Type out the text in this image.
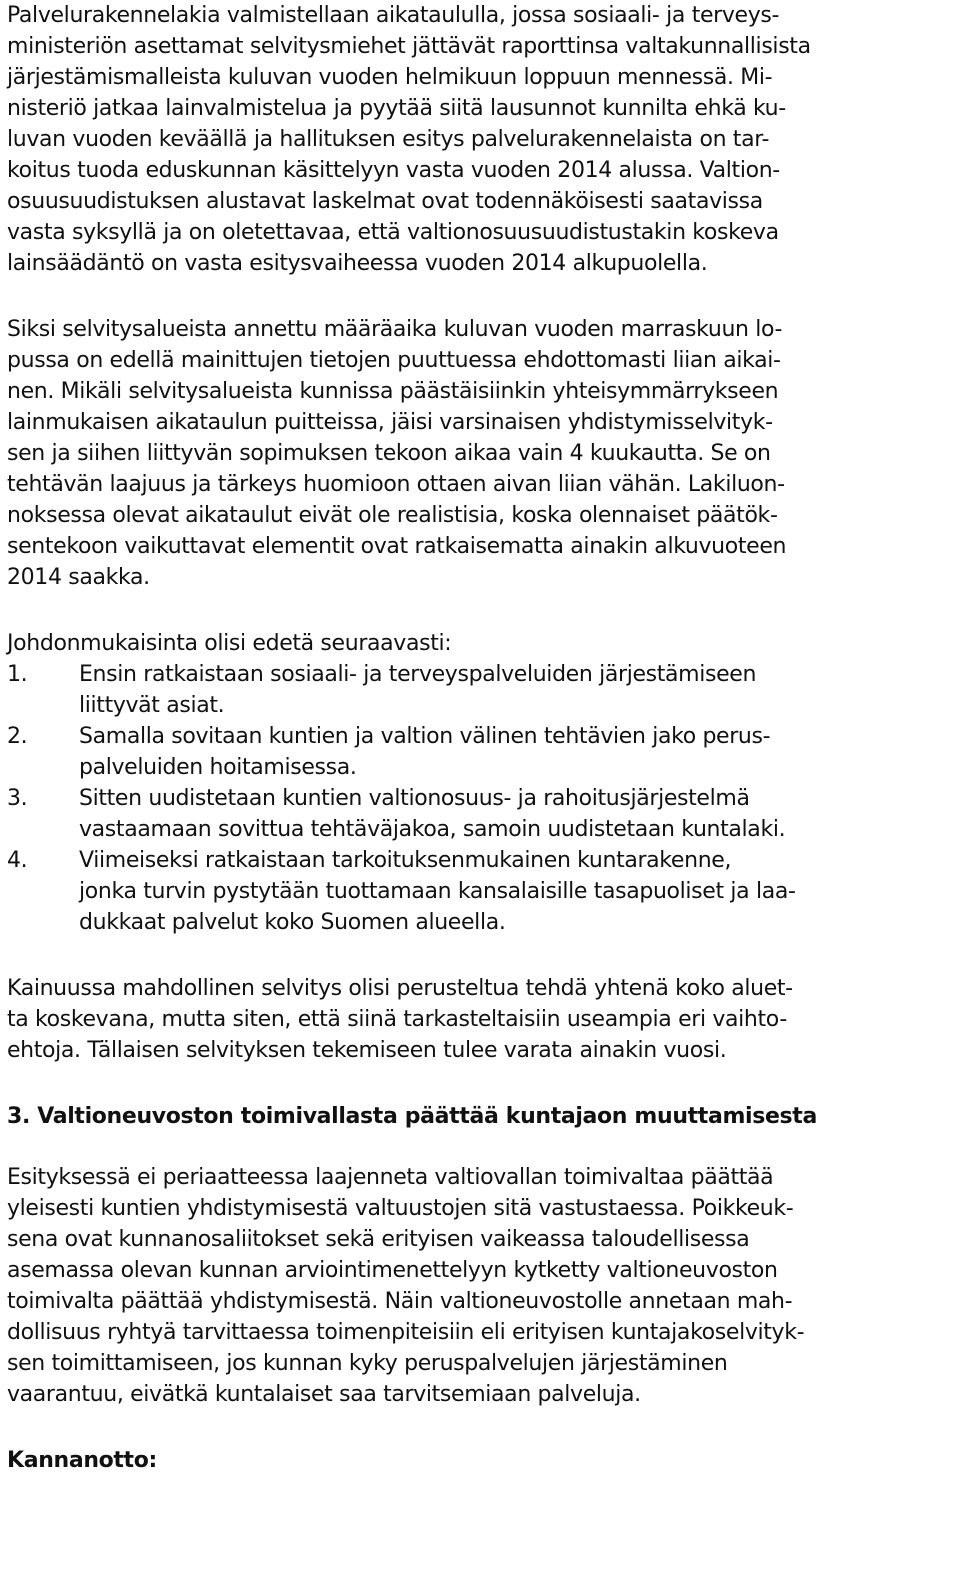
Palvelurakennelakia valmistellaan aikataululla, jossa sosiaali- ja terveys-
ministeriön asettamat selvitysmiehet jättävät raporttinsa valtakunnallisista
järjestämismalleista kuluvan vuoden helmikuun loppuun mennessä. Mi-
nisteriö jatkaa lainvalmistelua ja pyytää siitä lausunnot kunnilta ehkä ku-
luvan vuoden keväällä ja hallituksen esitys palvelurakennelaista on tar-
koitus tuoda eduskunnan käsittelyyn vasta vuoden 2014 alussa. Valtion-
osuusuudistuksen alustavat laskelmat ovat todennäköisesti saatavissa
vasta syksyllä ja on oletettavaa, että valtionosuusuudistustakin koskeva
lainsäädäntö on vasta esitysvaiheessa vuoden 2014 alkupuolella.
Siksi selvitysalueista annettu määräaika kuluvan vuoden marraskuun lo-
pussa on edellä mainittujen tietojen puuttuessa ehdottomasti liian aikai-
nen. Mikäli selvitysalueista kunnissa päästäisiinkin yhteisymmärrykseen
lainmukaisen aikataulun puitteissa, jäisi varsinaisen yhdistymisselvityk-
sen ja siihen liittyvän sopimuksen tekoon aikaa vain 4 kuukautta. Se on
tehtävän laajuus ja tärkeys huomioon ottaen aivan liian vähän. Lakiluon-
noksessa olevat aikataulut eivät ole realistisia, koska olennaiset päätök-
sentekoon vaikuttavat elementit ovat ratkaisematta ainakin alkuvuoteen
2014 saakka.
Johdonmukaisinta olisi edetä seuraavasti:
1. Ensin ratkaistaan sosiaali- ja terveyspalveluiden järjestämiseen
liittyvät asiat.
2. Samalla sovitaan kuntien ja valtion välinen tehtävien jako perus-
palveluiden hoitamisessa.
3. Sitten uudistetaan kuntien valtionosuus- ja rahoitusjärjestelmä
vastaamaan sovittua tehtäväjakoa, samoin uudistetaan kuntalaki.
4. Viimeiseksi ratkaistaan tarkoituksenmukainen kuntarakenne,
jonka turvin pystytään tuottamaan kansalaisille tasapuoliset ja laa-
dukkaat palvelut koko Suomen alueella.
Kainuussa mahdollinen selvitys olisi perusteltua tehdä yhtenä koko aluet-
ta koskevana, mutta siten, että siinä tarkasteltaisiin useampia eri vaihto-
ehtoja. Tällaisen selvityksen tekemiseen tulee varata ainakin vuosi.
3. Valtioneuvoston toimivallasta päättää kuntajaon muuttamisesta
Esityksessä ei periaatteessa laajenneta valtiovallan toimivaltaa päättää
yleisesti kuntien yhdistymisestä valtuustojen sitä vastustaessa. Poikkeuk-
sena ovat kunnanosaliitokset sekä erityisen vaikeassa taloudellisessa
asemassa olevan kunnan arviointimenettelyyn kytketty valtioneuvoston
toimivalta päättää yhdistymisestä. Näin valtioneuvostolle annetaan mah-
dollisuus ryhtyä tarvittaessa toimenpiteisiin eli erityisen kuntajakoselvityk-
sen toimittamiseen, jos kunnan kyky peruspalvelujen järjestäminen
vaarantuu, eivätkä kuntalaiset saa tarvitsemiaan palveluja.
Kannanotto:
